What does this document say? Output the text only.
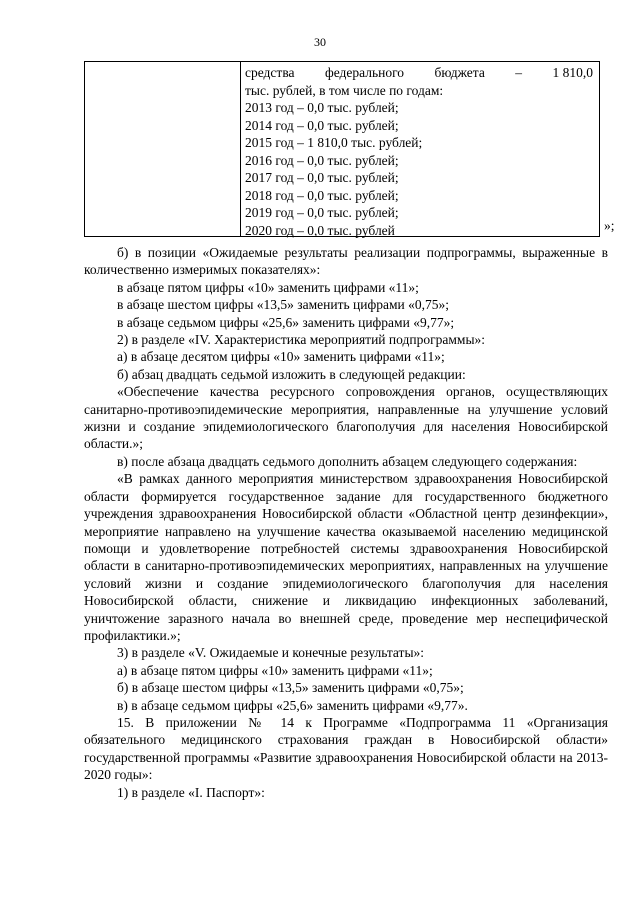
30
средства федерального бюджета – 1 810,0
тыс. рублей, в том числе по годам:
2013 год – 0,0 тыс. рублей;
2014 год – 0,0 тыс. рублей;
2015 год – 1 810,0 тыс. рублей;
2016 год – 0,0 тыс. рублей;
2017 год – 0,0 тыс. рублей;
2018 год – 0,0 тыс. рублей;
2019 год – 0,0 тыс. рублей;
2020 год – 0,0 тыс. рублей	»;

б) в позиции «Ожидаемые результаты реализации подпрограммы, выраженные в количественно измеримых показателях»:

в абзаце пятом цифры «10» заменить цифрами «11»;

в абзаце шестом цифры «13,5» заменить цифрами «0,75»;

в абзаце седьмом цифры «25,6» заменить цифрами «9,77»;

2) в разделе «IV. Характеристика мероприятий подпрограммы»:

а) в абзаце десятом цифры «10» заменить цифрами «11»;

б) абзац двадцать седьмой изложить в следующей редакции:

«Обеспечение качества ресурсного сопровождения органов, осуществляющих санитарно-противоэпидемические мероприятия, направленные на улучшение условий жизни и создание эпидемиологического благополучия для населения Новосибирской области.»;

в) после абзаца двадцать седьмого дополнить абзацем следующего содержания:

«В рамках данного мероприятия министерством здравоохранения Новосибирской области формируется государственное задание для государственного бюджетного учреждения здравоохранения Новосибирской области «Областной центр дезинфекции», мероприятие направлено на улучшение качества оказываемой населению медицинской помощи и удовлетворение потребностей системы здравоохранения Новосибирской области в санитарно-противоэпидемических мероприятиях, направленных на улучшение условий жизни и создание эпидемиологического благополучия для населения Новосибирской области, снижение и ликвидацию инфекционных заболеваний, уничтожение заразного начала во внешней среде, проведение мер неспецифической профилактики.»;

3) в разделе «V. Ожидаемые и конечные результаты»:

а) в абзаце пятом цифры «10» заменить цифрами «11»;

б) в абзаце шестом цифры «13,5» заменить цифрами «0,75»;

в) в абзаце седьмом цифры «25,6» заменить цифрами «9,77».

15. В приложении № 14 к Программе «Подпрограмма 11 «Организация обязательного медицинского страхования граждан в Новосибирской области» государственной программы «Развитие здравоохранения Новосибирской области на 2013-2020 годы»:

1) в разделе «I. Паспорт»:
